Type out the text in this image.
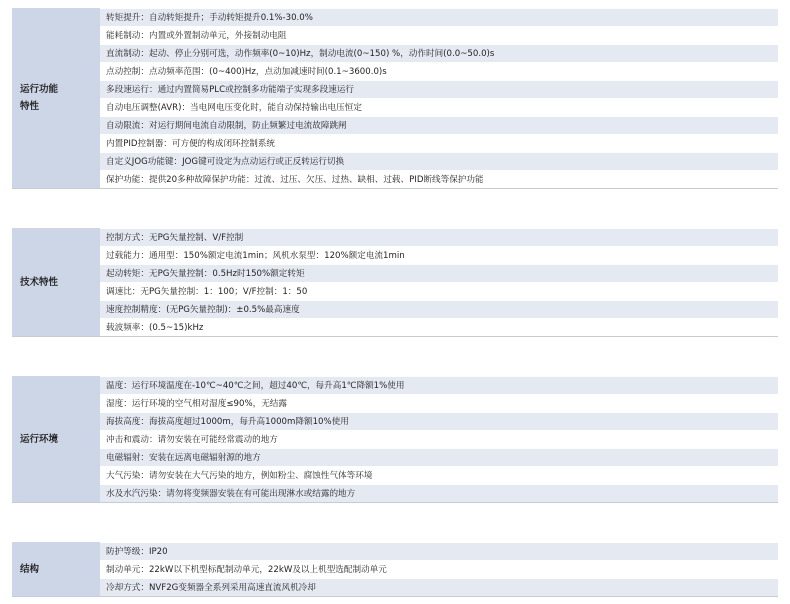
运行功能
特性
转矩提升：自动转矩提升；手动转矩提升0.1%-30.0%
能耗制动：内置或外置制动单元，外接制动电阻
直流制动：起动、停止分别可选，动作频率(0~10)Hz，制动电流(0~150) %，动作时间(0.0~50.0)s
点动控制：点动频率范围：(0~400)Hz，点动加减速时间(0.1~3600.0)s
多段速运行：通过内置简易PLC或控制多功能端子实现多段速运行
自动电压调整(AVR)：当电网电压变化时，能自动保持输出电压恒定
自动限流：对运行期间电流自动限制，防止频繁过电流故障跳闸
内置PID控制器：可方便的构成闭环控制系统
自定义JOG功能键：JOG键可设定为点动运行或正反转运行切换
保护功能：提供20多种故障保护功能：过流、过压、欠压、过热、缺相、过载、PID断线等保护功能
技术特性
控制方式：无PG矢量控制、V/F控制
过载能力：通用型：150%额定电流1min；风机水泵型：120%额定电流1min
起动转矩：无PG矢量控制：0.5Hz时150%额定转矩
调速比：无PG矢量控制：1：100；V/F控制：1：50
速度控制精度：(无PG矢量控制)：±0.5%最高速度
载波频率：(0.5~15)kHz
运行环境
温度：运行环境温度在-10℃~40℃之间，超过40℃，每升高1℃降额1%使用
湿度：运行环境的空气相对湿度≤90%，无结露
海拔高度：海拔高度超过1000m，每升高1000m降额10%使用
冲击和震动：请勿安装在可能经常震动的地方
电磁辐射：安装在远离电磁辐射源的地方
大气污染：请勿安装在大气污染的地方，例如粉尘、腐蚀性气体等环境
水及水汽污染：请勿将变频器安装在有可能出现淋水或结露的地方
结构
防护等级：IP20
制动单元：22kW以下机型标配制动单元，22kW及以上机型选配制动单元
冷却方式：NVF2G变频器全系列采用高速直流风机冷却
